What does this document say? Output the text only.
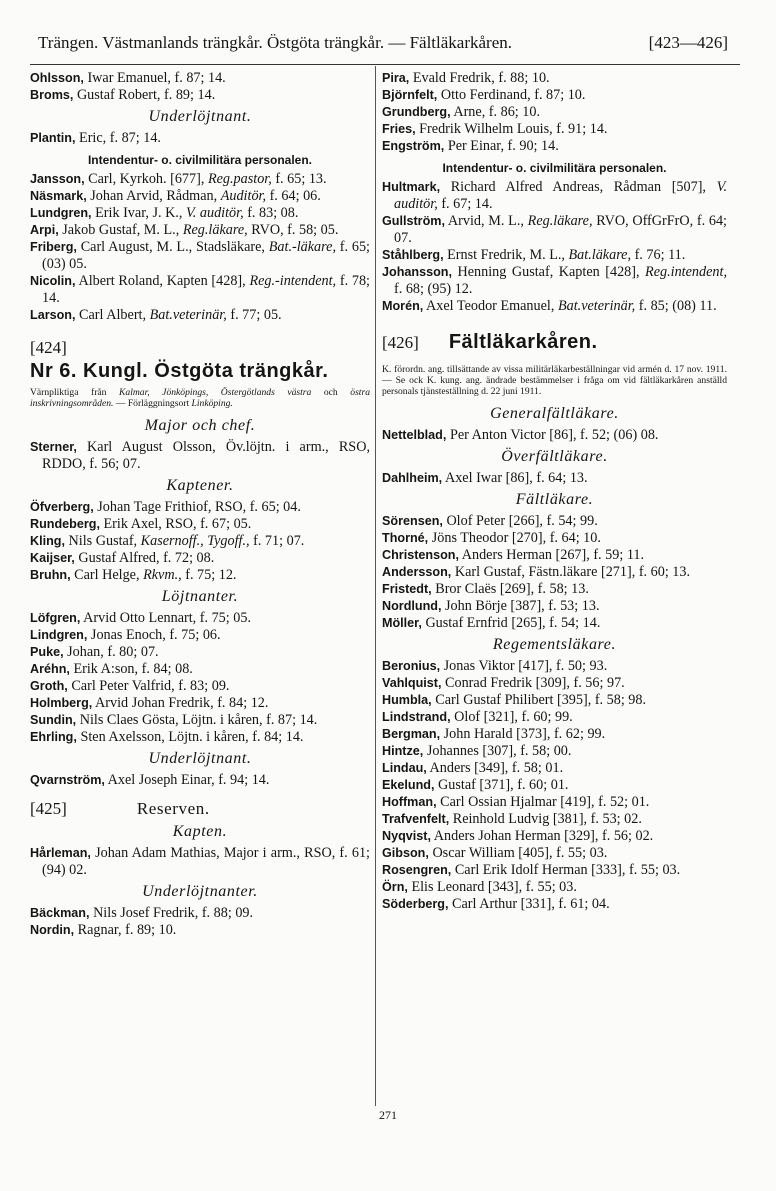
Trängen. Västmanlands trängkår. Östgöta trängkår. — Fältläkarkåren.	[423—426]

Ohlsson, Iwar Emanuel, f. 87; 14.

Broms, Gustaf Robert, f. 89; 14.

Underlöjtnant.

Plantin, Eric, f. 87; 14.

Intendentur- o. civilmilitära personalen.

Jansson, Carl, Kyrkoh. [677], Reg.pastor, f. 65; 13.

Näsmark, Johan Arvid, Rådman, Auditör, f. 64; 06.

Lundgren, Erik Ivar, J. K., V. auditör, f. 83; 08.

Arpi, Jakob Gustaf, M. L., Reg.läkare, RVO, f. 58; 05.

Friberg, Carl August, M. L., Stadsläkare, Bat.-läkare, f. 65; (03) 05.

Nicolin, Albert Roland, Kapten [428], Reg.-intendent, f. 78; 14.

Larson, Carl Albert, Bat.veterinär, f. 77; 05.

[424]
Nr 6. Kungl. Östgöta trängkår.
Värnpliktiga från Kalmar, Jönköpings, Östergötlands västra och östra inskrivningsområden. — Förläggningsort Linköping.
Major och chef.

Sterner, Karl August Olsson, Öv.löjtn. i arm., RSO, RDDO, f. 56; 07.

Kaptener.

Öfverberg, Johan Tage Frithiof, RSO, f. 65; 04.

Rundeberg, Erik Axel, RSO, f. 67; 05.

Kling, Nils Gustaf, Kasernoff., Tygoff., f. 71; 07.

Kaijser, Gustaf Alfred, f. 72; 08.

Bruhn, Carl Helge, Rkvm., f. 75; 12.

Löjtnanter.

Löfgren, Arvid Otto Lennart, f. 75; 05.

Lindgren, Jonas Enoch, f. 75; 06.

Puke, Johan, f. 80; 07.

Aréhn, Erik A:son, f. 84; 08.

Groth, Carl Peter Valfrid, f. 83; 09.

Holmberg, Arvid Johan Fredrik, f. 84; 12.

Sundin, Nils Claes Gösta, Löjtn. i kåren, f. 87; 14.

Ehrling, Sten Axelsson, Löjtn. i kåren, f. 84; 14.

Underlöjtnant.

Qvarnström, Axel Joseph Einar, f. 94; 14.

[425]	Reserven.
Kapten.

Hårleman, Johan Adam Mathias, Major i arm., RSO, f. 61; (94) 02.

Underlöjtnanter.

Bäckman, Nils Josef Fredrik, f. 88; 09.

Nordin, Ragnar, f. 89; 10.

Pira, Evald Fredrik, f. 88; 10.

Björnfelt, Otto Ferdinand, f. 87; 10.

Grundberg, Arne, f. 86; 10.

Fries, Fredrik Wilhelm Louis, f. 91; 14.

Engström, Per Einar, f. 90; 14.

Intendentur- o. civilmilitära personalen.

Hultmark, Richard Alfred Andreas, Rådman [507], V. auditör, f. 67; 14.

Gullström, Arvid, M. L., Reg.läkare, RVO, OffGrFrO, f. 64; 07.

Ståhlberg, Ernst Fredrik, M. L., Bat.läkare, f. 76; 11.

Johansson, Henning Gustaf, Kapten [428], Reg.intendent, f. 68; (95) 12.

Morén, Axel Teodor Emanuel, Bat.veterinär, f. 85; (08) 11.

[426] Fältläkarkåren.
K. förordn. ang. tillsättande av vissa militärläkarbeställningar vid armén d. 17 nov. 1911. — Se ock K. kung. ang. ändrade bestämmelser i fråga om vid fältläkarkåren anställd personals tjänsteställning d. 22 juni 1911.
Generalfältläkare.

Nettelblad, Per Anton Victor [86], f. 52; (06) 08.

Överfältläkare.

Dahlheim, Axel Iwar [86], f. 64; 13.

Fältläkare.

Sörensen, Olof Peter [266], f. 54; 99.

Thorné, Jöns Theodor [270], f. 64; 10.

Christenson, Anders Herman [267], f. 59; 11.

Andersson, Karl Gustaf, Fästn.läkare [271], f. 60; 13.

Fristedt, Bror Claës [269], f. 58; 13.

Nordlund, John Börje [387], f. 53; 13.

Möller, Gustaf Ernfrid [265], f. 54; 14.

Regementsläkare.

Beronius, Jonas Viktor [417], f. 50; 93.

Vahlquist, Conrad Fredrik [309], f. 56; 97.

Humbla, Carl Gustaf Philibert [395], f. 58; 98.

Lindstrand, Olof [321], f. 60; 99.

Bergman, John Harald [373], f. 62; 99.

Hintze, Johannes [307], f. 58; 00.

Lindau, Anders [349], f. 58; 01.

Ekelund, Gustaf [371], f. 60; 01.

Hoffman, Carl Ossian Hjalmar [419], f. 52; 01.

Trafvenfelt, Reinhold Ludvig [381], f. 53; 02.

Nyqvist, Anders Johan Herman [329], f. 56; 02.

Gibson, Oscar William [405], f. 55; 03.

Rosengren, Carl Erik Idolf Herman [333], f. 55; 03.

Örn, Elis Leonard [343], f. 55; 03.

Söderberg, Carl Arthur [331], f. 61; 04.

271
